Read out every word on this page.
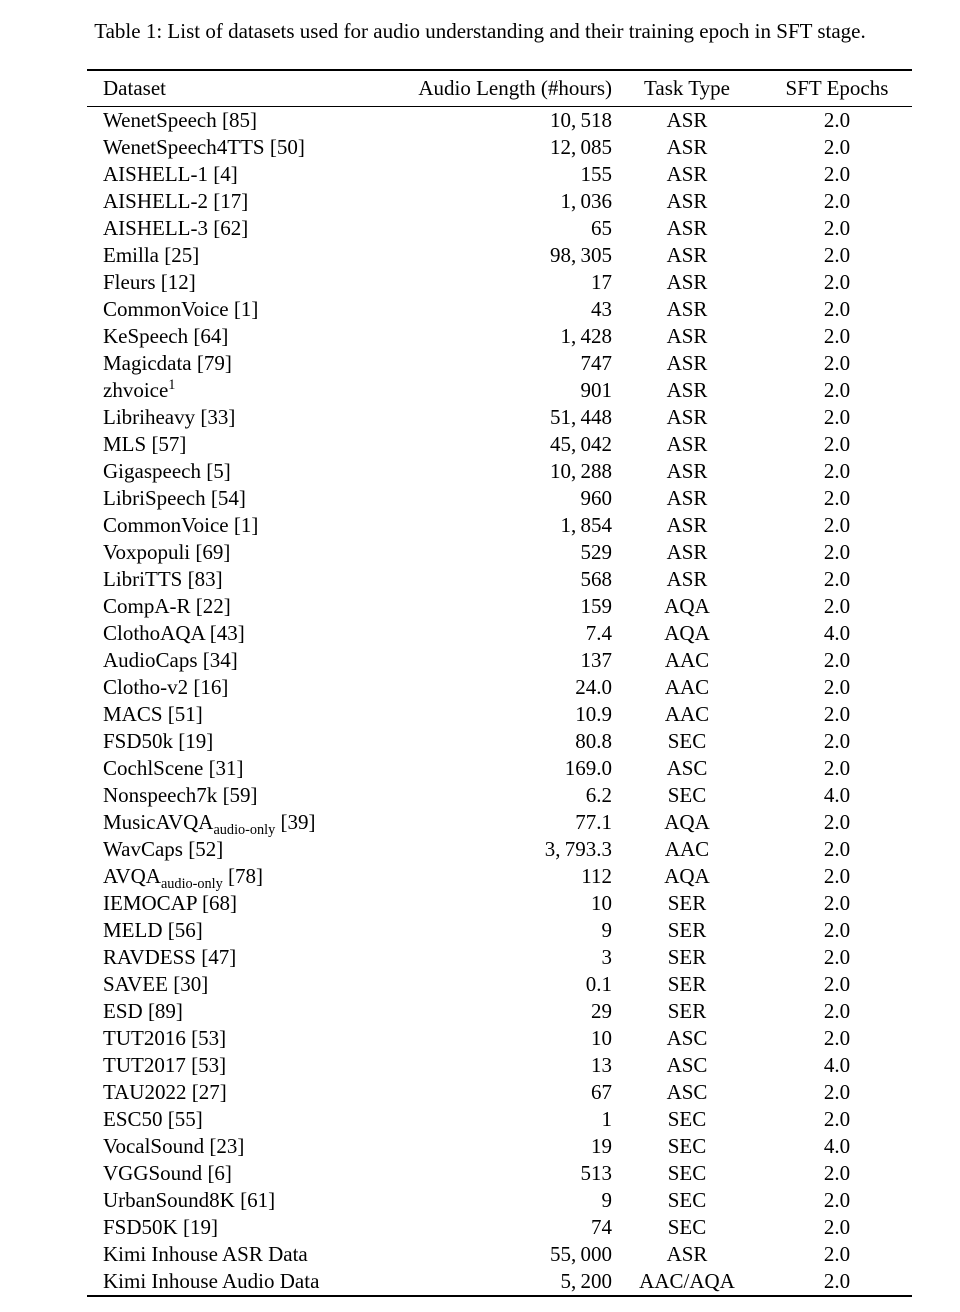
Table 1: List of datasets used for audio understanding and their training epoch in SFT stage.
Dataset	Audio Length (#hours)	Task Type	SFT Epochs
WenetSpeech [85]	10, 518	ASR	2.0
WenetSpeech4TTS [50]	12, 085	ASR	2.0
AISHELL-1 [4]	155	ASR	2.0
AISHELL-2 [17]	1, 036	ASR	2.0
AISHELL-3 [62]	65	ASR	2.0
Emilla [25]	98, 305	ASR	2.0
Fleurs [12]	17	ASR	2.0
CommonVoice [1]	43	ASR	2.0
KeSpeech [64]	1, 428	ASR	2.0
Magicdata [79]	747	ASR	2.0
zhvoice$^1$	901	ASR	2.0
Libriheavy [33]	51, 448	ASR	2.0
MLS [57]	45, 042	ASR	2.0
Gigaspeech [5]	10, 288	ASR	2.0
LibriSpeech [54]	960	ASR	2.0
CommonVoice [1]	1, 854	ASR	2.0
Voxpopuli [69]	529	ASR	2.0
LibriTTS [83]	568	ASR	2.0
CompA-R [22]	159	AQA	2.0
ClothoAQA [43]	7.4	AQA	4.0
AudioCaps [34]	137	AAC	2.0
Clotho-v2 [16]	24.0	AAC	2.0
MACS [51]	10.9	AAC	2.0
FSD50k [19]	80.8	SEC	2.0
CochlScene [31]	169.0	ASC	2.0
Nonspeech7k [59]	6.2	SEC	4.0
MusicAVQA$_{audio-only}$ [39]	77.1	AQA	2.0
WavCaps [52]	3, 793.3	AAC	2.0
$AVQA_{audio-only}$ [78]	112	AQA	2.0
IEMOCAP [68]	10	SER	2.0
MELD [56]	9	SER	2.0
RAVDESS [47]	3	SER	2.0
SAVEE [30]	0.1	SER	2.0
ESD [89]	29	SER	2.0
TUT2016 [53]	10	ASC	2.0
TUT2017 [53]	13	ASC	4.0
TAU2022 [27]	67	ASC	2.0
ESC50 [55]	1	SEC	2.0
VocalSound [23]	19	SEC	4.0
VGGSound [6]	513	SEC	2.0
UrbanSound8K [61]	9	SEC	2.0
FSD50K [19]	74	SEC	2.0
Kimi Inhouse ASR Data	55, 000	ASR	2.0
Kimi Inhouse Audio Data	5, 200	AAC/AQA	2.0
